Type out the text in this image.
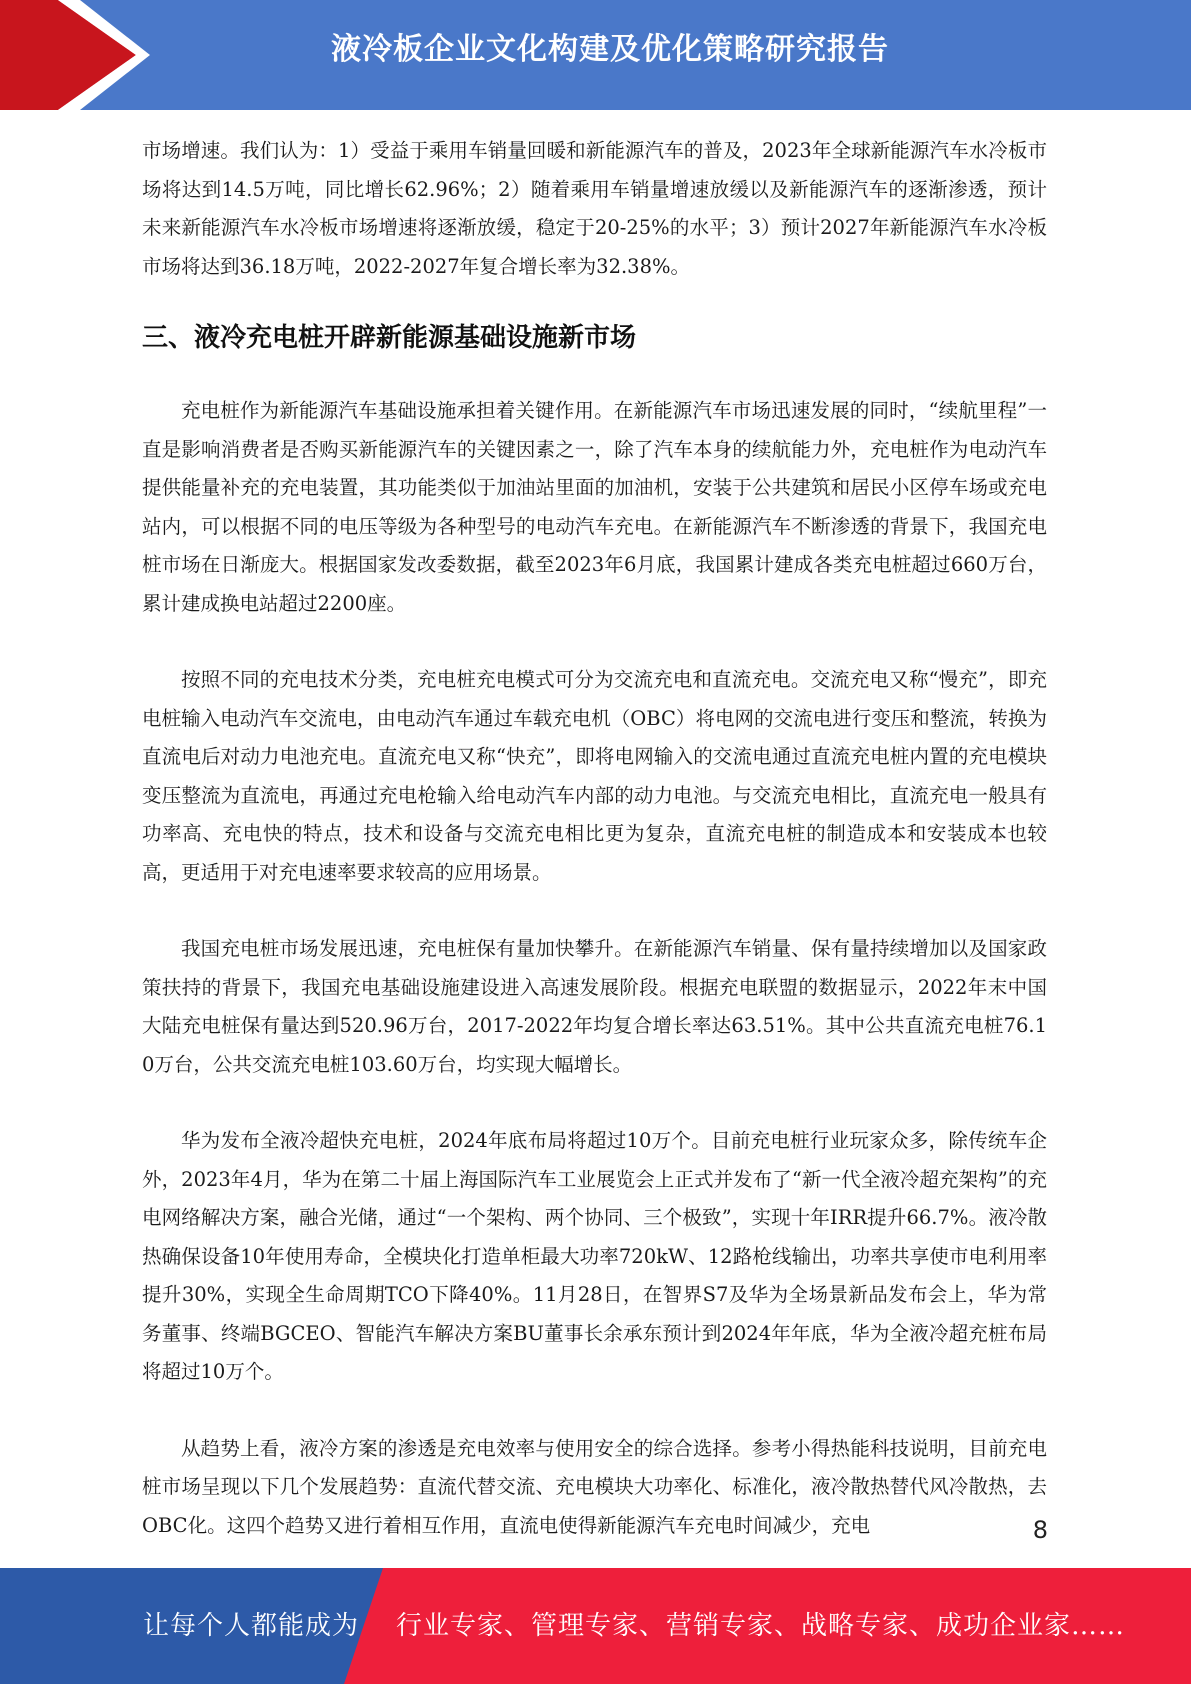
液冷板企业文化构建及优化策略研究报告

市场增速。我们认为：1）受益于乘用车销量回暖和新能源汽车的普及，2023年全球新能源汽车水冷板市场将达到14.5万吨，同比增长62.96%；2）随着乘用车销量增速放缓以及新能源汽车的逐渐渗透，预计未来新能源汽车水冷板市场增速将逐渐放缓，稳定于20-25%的水平；3）预计2027年新能源汽车水冷板市场将达到36.18万吨，2022-2027年复合增长率为32.38%。

三、液冷充电桩开辟新能源基础设施新市场

充电桩作为新能源汽车基础设施承担着关键作用。在新能源汽车市场迅速发展的同时，“续航里程”一直是影响消费者是否购买新能源汽车的关键因素之一，除了汽车本身的续航能力外，充电桩作为电动汽车提供能量补充的充电装置，其功能类似于加油站里面的加油机，安装于公共建筑和居民小区停车场或充电站内，可以根据不同的电压等级为各种型号的电动汽车充电。在新能源汽车不断渗透的背景下，我国充电桩市场在日渐庞大。根据国家发改委数据，截至2023年6月底，我国累计建成各类充电桩超过660万台，累计建成换电站超过2200座。

按照不同的充电技术分类，充电桩充电模式可分为交流充电和直流充电。交流充电又称“慢充”，即充电桩输入电动汽车交流电，由电动汽车通过车载充电机（OBC）将电网的交流电进行变压和整流，转换为直流电后对动力电池充电。直流充电又称“快充”，即将电网输入的交流电通过直流充电桩内置的充电模块变压整流为直流电，再通过充电枪输入给电动汽车内部的动力电池。与交流充电相比，直流充电一般具有功率高、充电快的特点，技术和设备与交流充电相比更为复杂，直流充电桩的制造成本和安装成本也较高，更适用于对充电速率要求较高的应用场景。

我国充电桩市场发展迅速，充电桩保有量加快攀升。在新能源汽车销量、保有量持续增加以及国家政策扶持的背景下，我国充电基础设施建设进入高速发展阶段。根据充电联盟的数据显示，2022年末中国大陆充电桩保有量达到520.96万台，2017-2022年均复合增长率达63.51%。其中公共直流充电桩76.10万台，公共交流充电桩103.60万台，均实现大幅增长。

华为发布全液冷超快充电桩，2024年底布局将超过10万个。目前充电桩行业玩家众多，除传统车企外，2023年4月，华为在第二十届上海国际汽车工业展览会上正式并发布了“新一代全液冷超充架构”的充电网络解决方案，融合光储，通过“一个架构、两个协同、三个极致”，实现十年IRR提升66.7%。液冷散热确保设备10年使用寿命，全模块化打造单柜最大功率720kW、12路枪线输出，功率共享使市电利用率提升30%，实现全生命周期TCO下降40%。11月28日，在智界S7及华为全场景新品发布会上，华为常务董事、终端BGCEO、智能汽车解决方案BU董事长余承东预计到2024年年底，华为全液冷超充桩布局将超过10万个。

从趋势上看，液冷方案的渗透是充电效率与使用安全的综合选择。参考小得热能科技说明，目前充电桩市场呈现以下几个发展趋势：直流代替交流、充电模块大功率化、标准化，液冷散热替代风冷散热，去OBC化。这四个趋势又进行着相互作用，直流电使得新能源汽车充电时间减少，充电	8
让每个人都能成为 行业专家、管理专家、营销专家、战略专家、成功企业家……
